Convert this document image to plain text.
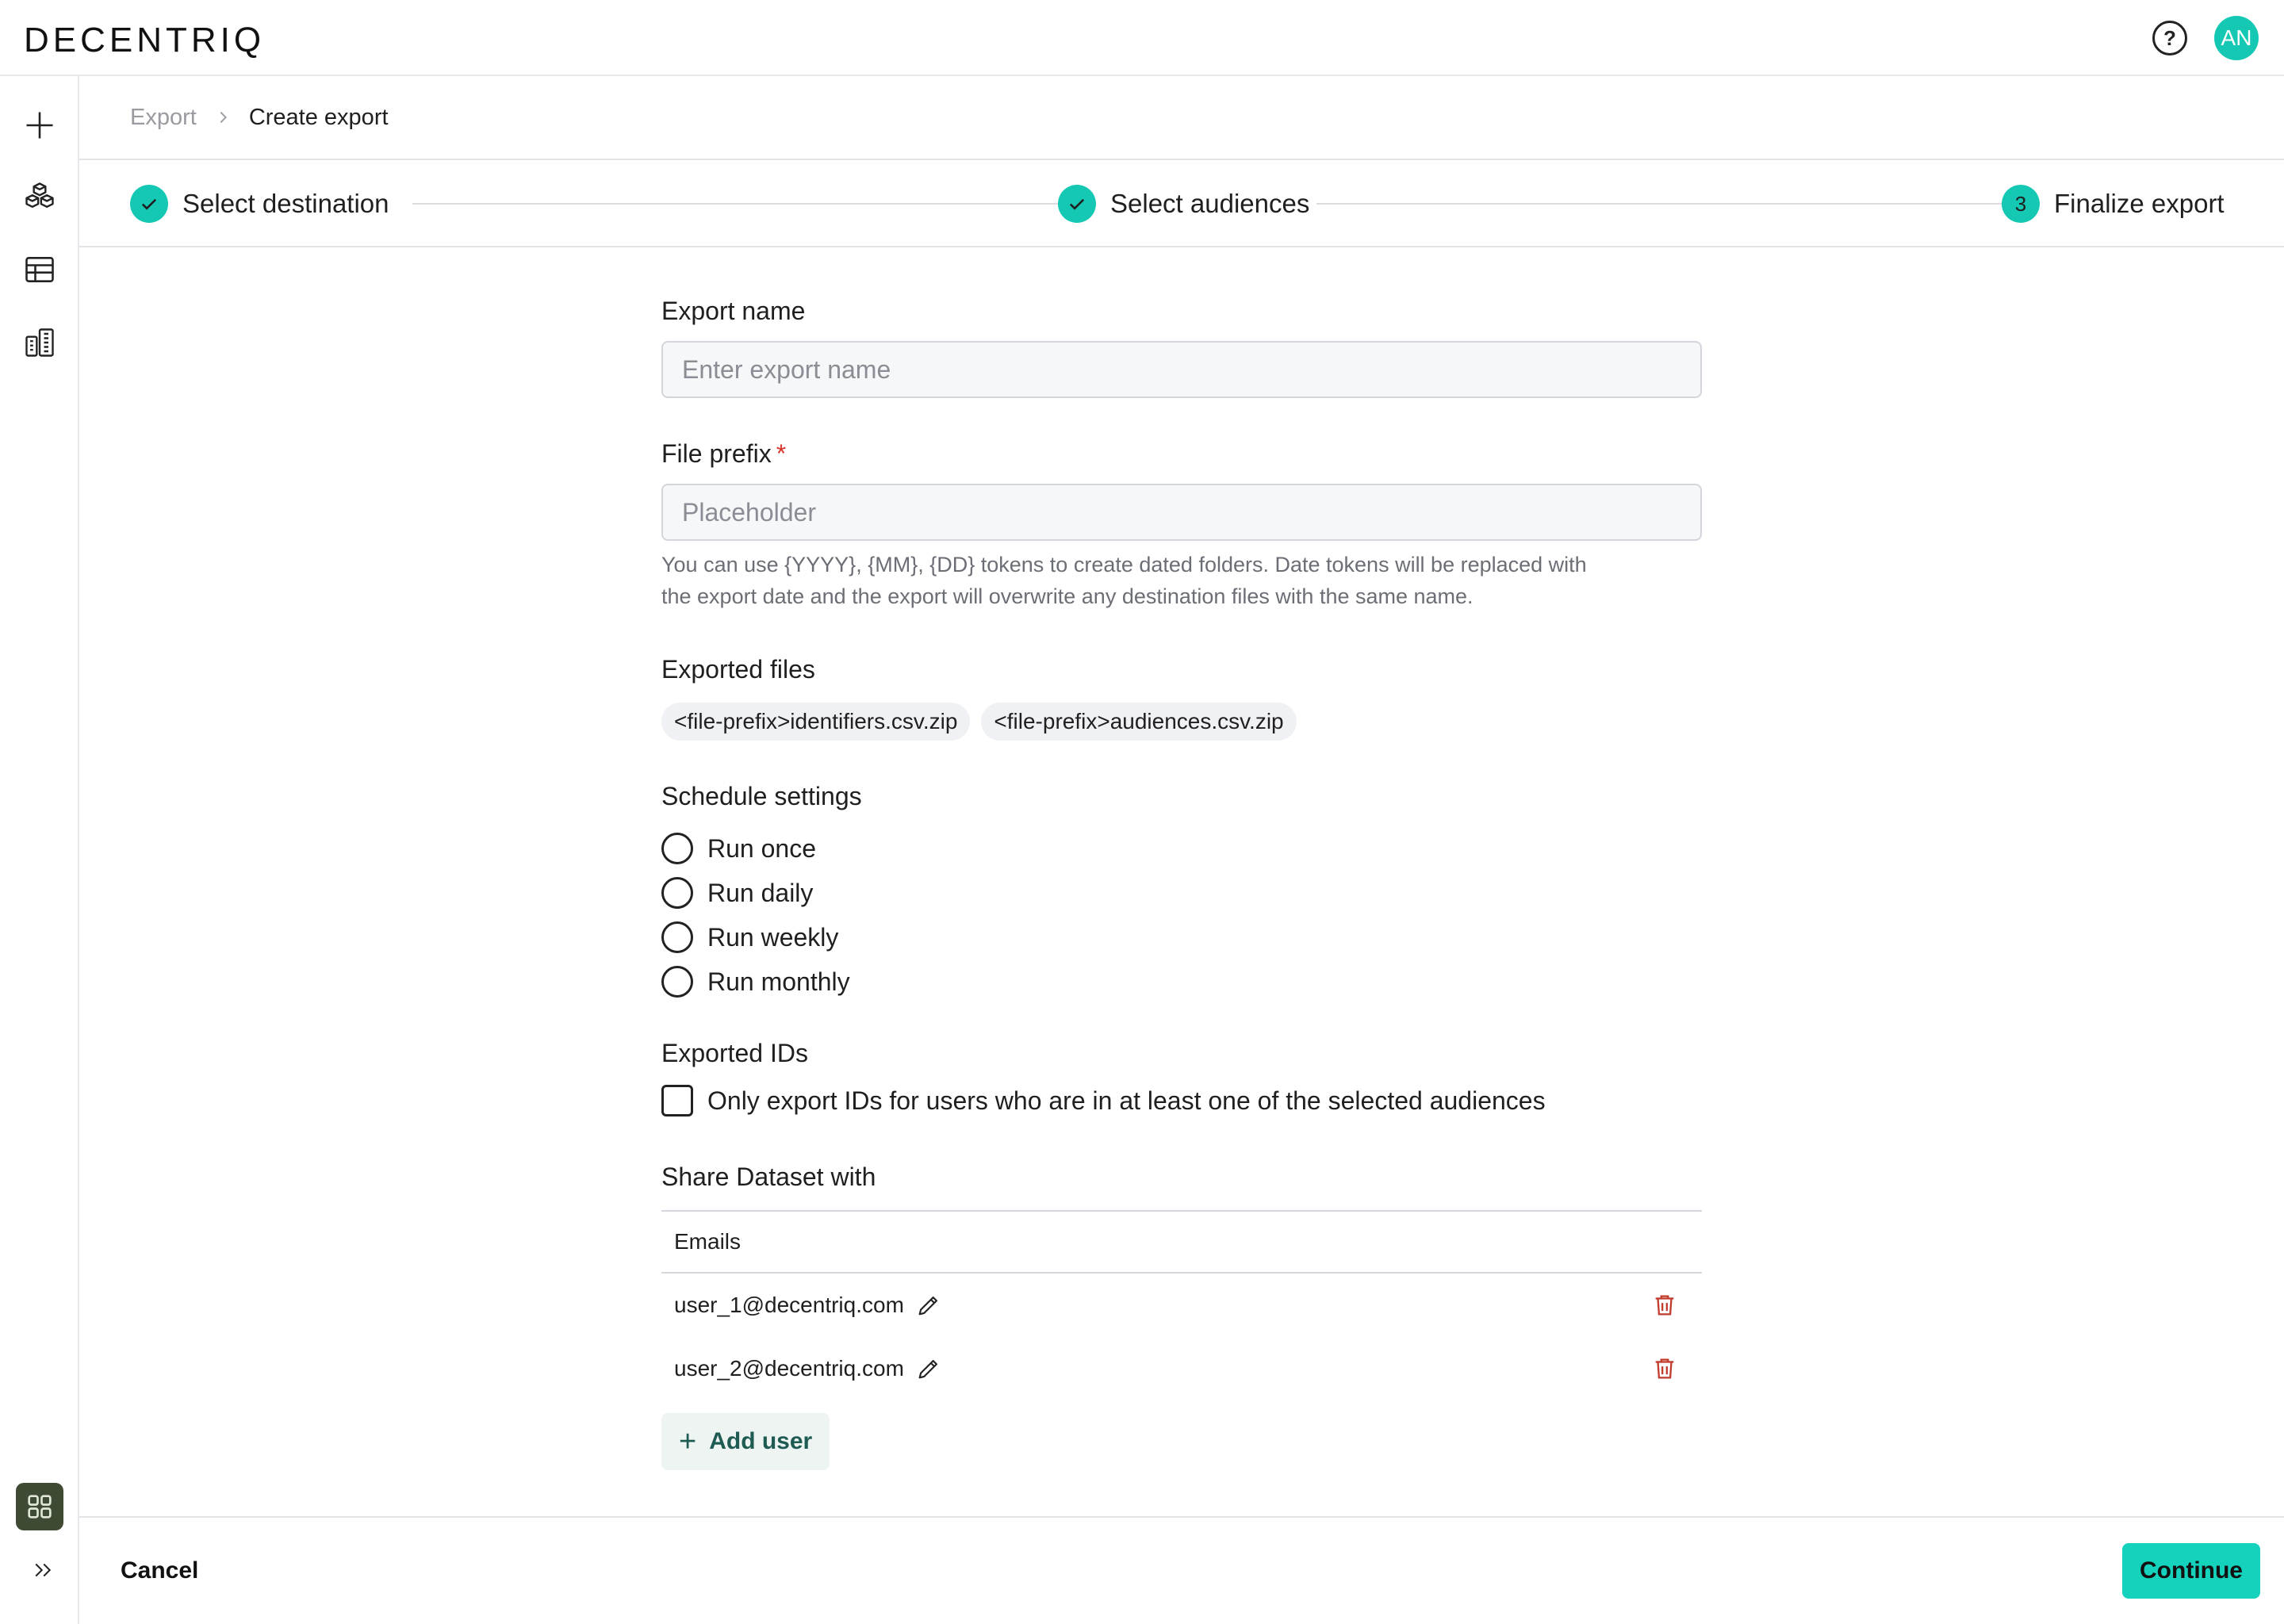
DECENTRIQ	?	AN
Export Create export
Select destination	Select audiences	3	Finalize export
Export name
Enter export name
File prefix *
Placeholder
You can use {YYYY}, {MM}, {DD} tokens to create dated folders. Date tokens will be replaced with
the export date and the export will overwrite any destination files with the same name.
Exported files
<file-prefix>identifiers.csv.zip <file-prefix>audiences.csv.zip
Schedule settings
Run once
Run daily
Run weekly
Run monthly
Exported IDs
Only export IDs for users who are in at least one of the selected audiences
Share Dataset with
Emails
user_1@decentriq.com
user_2@decentriq.com
+ Add user
Cancel	Continue
